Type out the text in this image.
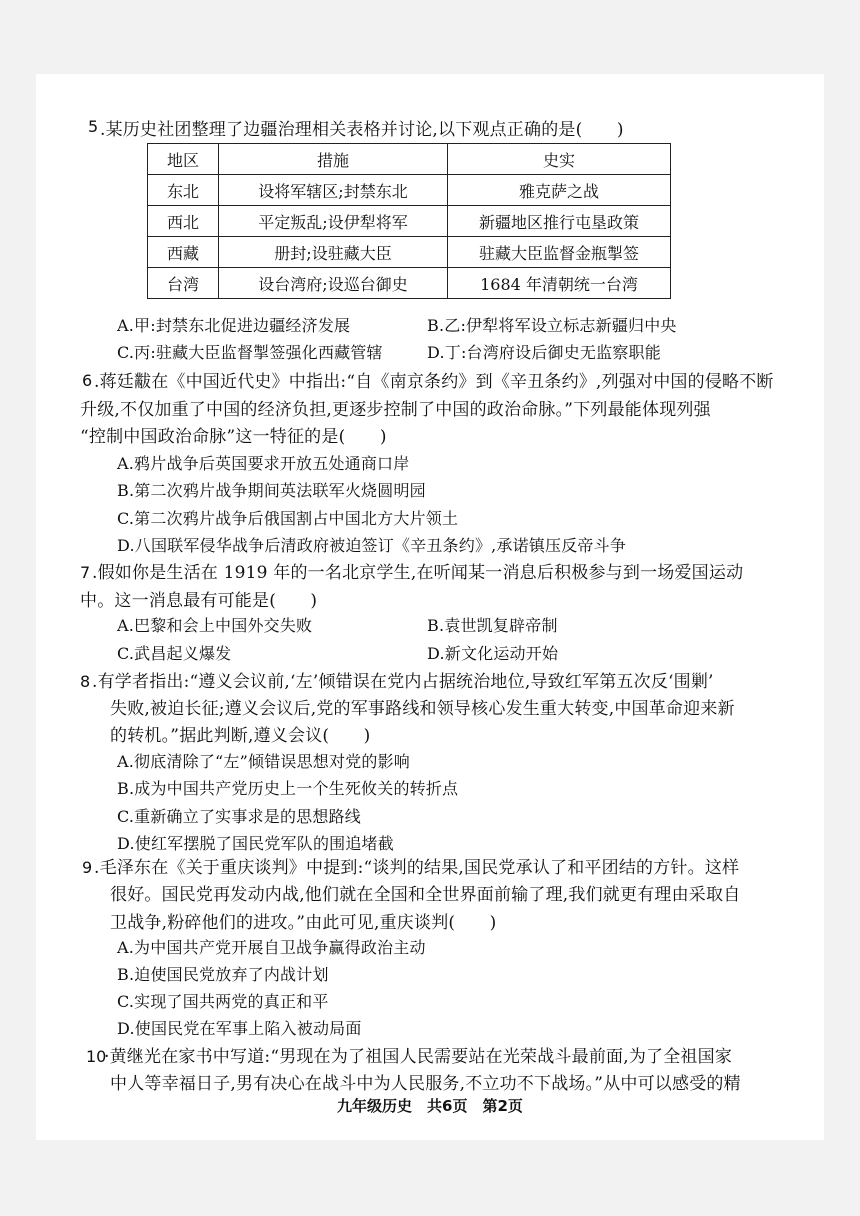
5 .某历史社团整理了边疆治理相关表格并讨论,以下观点正确的是(　　)
地区	措施	史实
东北	设将军辖区;封禁东北	雅克萨之战
西北	平定叛乱;设伊犁将军	新疆地区推行屯垦政策
西藏	册封;设驻藏大臣	驻藏大臣监督金瓶掣签
台湾	设台湾府;设巡台御史	1684 年清朝统一台湾
A.甲:封禁东北促进边疆经济发展	B.乙:伊犁将军设立标志新疆归中央
C.丙:驻藏大臣监督掣签强化西藏管辖	D.丁:台湾府设后御史无监察职能
6 .蒋廷黻在《中国近代史》中指出:“自《南京条约》到《辛丑条约》,列强对中国的侵略不断
升级,不仅加重了中国的经济负担,更逐步控制了中国的政治命脉。”下列最能体现列强
“控制中国政治命脉”这一特征的是(　　)
A.鸦片战争后英国要求开放五处通商口岸
B.第二次鸦片战争期间英法联军火烧圆明园
C.第二次鸦片战争后俄国割占中国北方大片领土
D.八国联军侵华战争后清政府被迫签订《辛丑条约》,承诺镇压反帝斗争
7 .假如你是生活在 1919 年的一名北京学生,在听闻某一消息后积极参与到一场爱国运动
中。这一消息最有可能是(　　)
A.巴黎和会上中国外交失败	B.袁世凯复辟帝制
C.武昌起义爆发	D.新文化运动开始
8 .有学者指出:“遵义会议前,‘左’倾错误在党内占据统治地位,导致红军第五次反‘围剿’
失败,被迫长征;遵义会议后,党的军事路线和领导核心发生重大转变,中国革命迎来新
的转机。”据此判断,遵义会议(　　)
A.彻底清除了“左”倾错误思想对党的影响
B.成为中国共产党历史上一个生死攸关的转折点
C.重新确立了实事求是的思想路线
D.使红军摆脱了国民党军队的围追堵截
9 .毛泽东在《关于重庆谈判》中提到:“谈判的结果,国民党承认了和平团结的方针。这样
很好。国民党再发动内战,他们就在全国和全世界面前输了理,我们就更有理由采取自
卫战争,粉碎他们的进攻。”由此可见,重庆谈判(　　)
A.为中国共产党开展自卫战争赢得政治主动
B.迫使国民党放弃了内战计划
C.实现了国共两党的真正和平
D.使国民党在军事上陷入被动局面
10
·黄继光在家书中写道:“男现在为了祖国人民需要站在光荣战斗最前面,为了全祖国家
中人等幸福日子,男有决心在战斗中为人民服务,不立功不下战场。”从中可以感受的精
九年级历史　共6页　第2页
